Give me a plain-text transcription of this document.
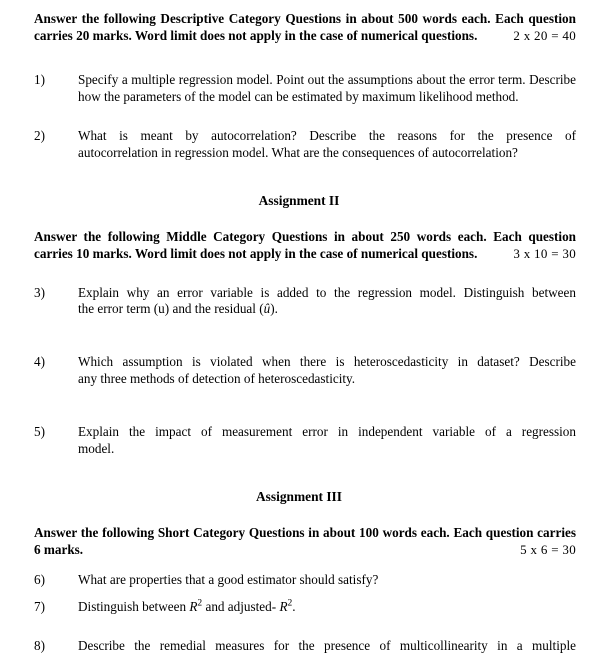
Answer the following Descriptive Category Questions in about 500 words each. Each question
carries 20 marks. Word limit does not apply in the case of numerical questions.	2 x 20 = 40
1)	Specify a multiple regression model. Point out the assumptions about the error term. Describe
how the parameters of the model can be estimated by maximum likelihood method.
2)	What is meant by autocorrelation? Describe the reasons for the presence of
autocorrelation in regression model. What are the consequences of autocorrelation?
Assignment II
Answer the following Middle Category Questions in about 250 words each. Each question
carries 10 marks. Word limit does not apply in the case of numerical questions.	3 x 10 = 30
3)	Explain why an error variable is added to the regression model. Distinguish between
the error term (u) and the residual (û).
4)	Which assumption is violated when there is heteroscedasticity in dataset? Describe
any three methods of detection of heteroscedasticity.
5)	Explain the impact of measurement error in independent variable of a regression
model.
Assignment III
Answer the following Short Category Questions in about 100 words each. Each question carries
6 marks.	5 x 6 = 30
6)	What are properties that a good estimator should satisfy?
7)	Distinguish between $R^2$ and adjusted- $R^2$.
8)	Describe the remedial measures for the presence of multicollinearity in a multiple
